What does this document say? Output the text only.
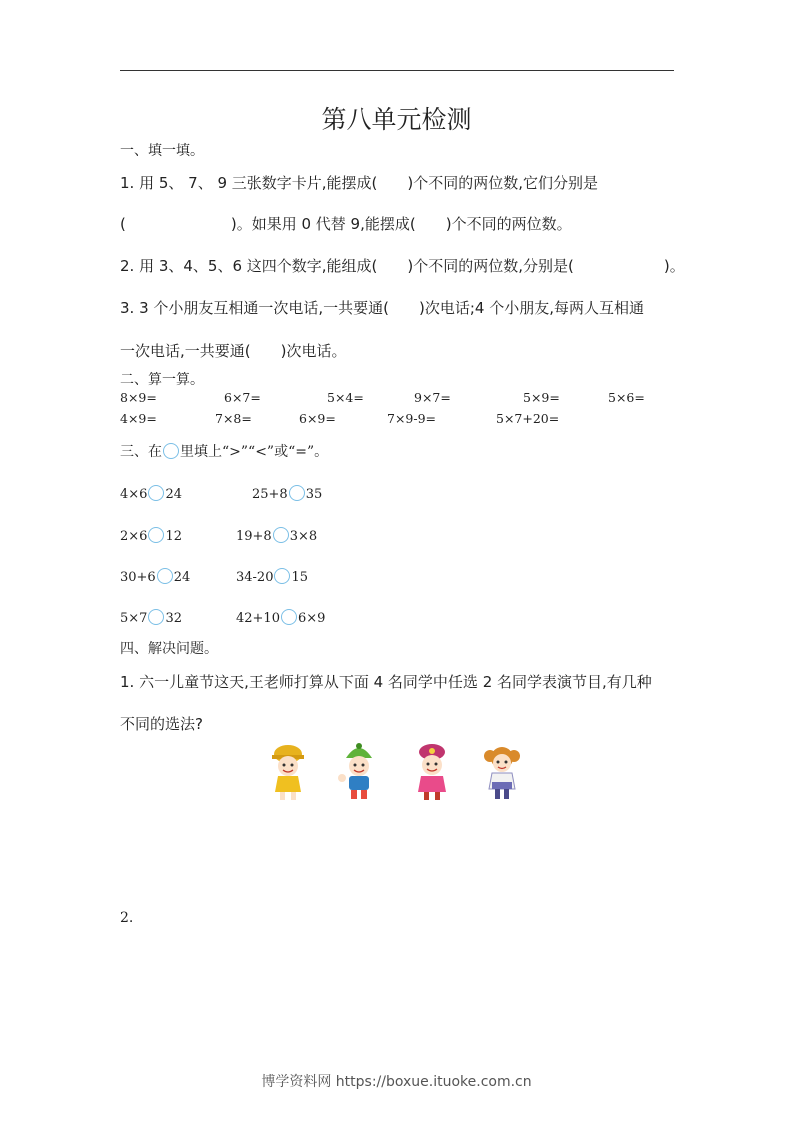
第八单元检测
一、填一填。
1. 用 5、 7、 9 三张数字卡片,能摆成(　　)个不同的两位数,它们分别是
(　　　　　　　)。如果用 0 代替 9,能摆成(　　)个不同的两位数。
2. 用 3、4、5、6 这四个数字,能组成(　　)个不同的两位数,分别是(　　　　　　)。
3. 3 个小朋友互相通一次电话,一共要通(　　)次电话;4 个小朋友,每两人互相通
一次电话,一共要通(　　)次电话。
二、算一算。
8×9=	6×7=	5×4=	9×7=	5×9=	5×6=
4×9=	7×8=	6×9=	7×9-9=	5×7+20=
三、在 里填上“>”“<”或“=”。
4×6 24	25+8 35
2×6 12	19+8 3×8
30+6 24	34-20 15
5×7 32	42+10 6×9
四、解决问题。
1. 六一儿童节这天,王老师打算从下面 4 名同学中任选 2 名同学表演节目,有几种
不同的选法?
2.
博学资料网 https://boxue.ituoke.com.cn
